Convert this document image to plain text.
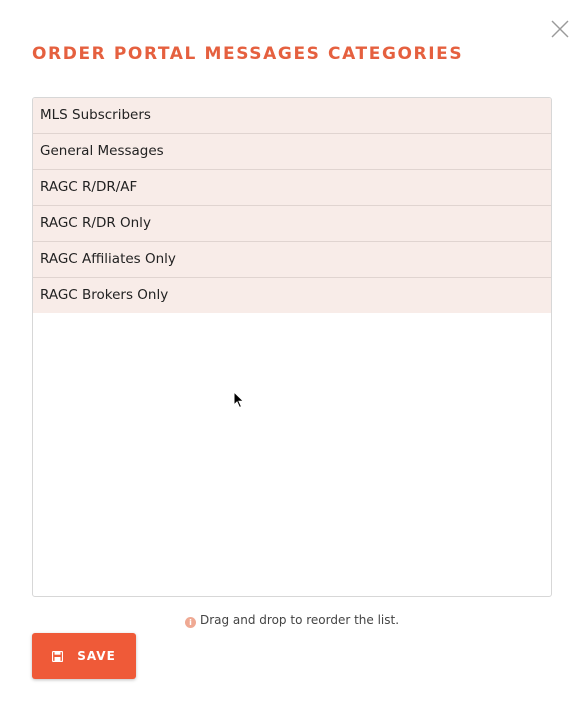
ORDER PORTAL MESSAGES CATEGORIES
MLS Subscribers
General Messages
RAGC R/DR/AF
RAGC R/DR Only
RAGC Affiliates Only
RAGC Brokers Only
i Drag and drop to reorder the list.
SAVE
